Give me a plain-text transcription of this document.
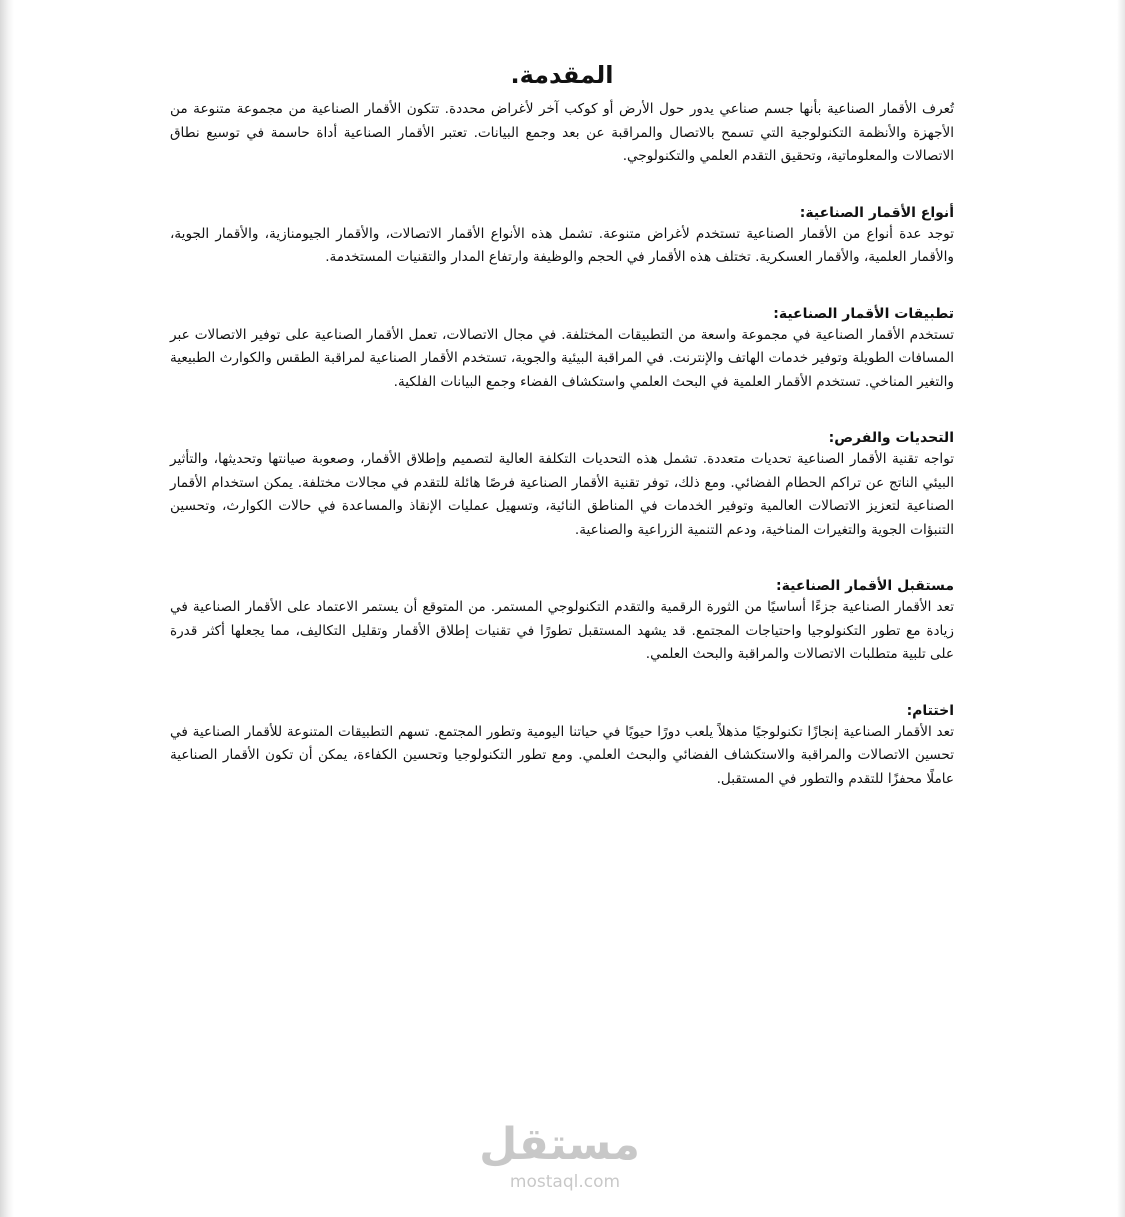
المقدمة.

تُعرف الأقمار الصناعية بأنها جسم صناعي يدور حول الأرض أو كوكب آخر لأغراض محددة. تتكون الأقمار الصناعية من مجموعة متنوعة من الأجهزة والأنظمة التكنولوجية التي تسمح بالاتصال والمراقبة عن بعد وجمع البيانات. تعتبر الأقمار الصناعية أداة حاسمة في توسيع نطاق الاتصالات والمعلوماتية، وتحقيق التقدم العلمي والتكنولوجي.

أنواع الأقمار الصناعية:

توجد عدة أنواع من الأقمار الصناعية تستخدم لأغراض متنوعة. تشمل هذه الأنواع الأقمار الاتصالات، والأقمار الجيومنازية، والأقمار الجوية، والأقمار العلمية، والأقمار العسكرية. تختلف هذه الأقمار في الحجم والوظيفة وارتفاع المدار والتقنيات المستخدمة.

تطبيقات الأقمار الصناعية:

تستخدم الأقمار الصناعية في مجموعة واسعة من التطبيقات المختلفة. في مجال الاتصالات، تعمل الأقمار الصناعية على توفير الاتصالات عبر المسافات الطويلة وتوفير خدمات الهاتف والإنترنت. في المراقبة البيئية والجوية، تستخدم الأقمار الصناعية لمراقبة الطقس والكوارث الطبيعية والتغير المناخي. تستخدم الأقمار العلمية في البحث العلمي واستكشاف الفضاء وجمع البيانات الفلكية.

التحديات والفرص:

تواجه تقنية الأقمار الصناعية تحديات متعددة. تشمل هذه التحديات التكلفة العالية لتصميم وإطلاق الأقمار، وصعوبة صيانتها وتحديثها، والتأثير البيئي الناتج عن تراكم الحطام الفضائي. ومع ذلك، توفر تقنية الأقمار الصناعية فرصًا هائلة للتقدم في مجالات مختلفة. يمكن استخدام الأقمار الصناعية لتعزيز الاتصالات العالمية وتوفير الخدمات في المناطق النائية، وتسهيل عمليات الإنقاذ والمساعدة في حالات الكوارث، وتحسين التنبؤات الجوية والتغيرات المناخية، ودعم التنمية الزراعية والصناعية.

مستقبل الأقمار الصناعية:

تعد الأقمار الصناعية جزءًا أساسيًا من الثورة الرقمية والتقدم التكنولوجي المستمر. من المتوقع أن يستمر الاعتماد على الأقمار الصناعية في زيادة مع تطور التكنولوجيا واحتياجات المجتمع. قد يشهد المستقبل تطورًا في تقنيات إطلاق الأقمار وتقليل التكاليف، مما يجعلها أكثر قدرة على تلبية متطلبات الاتصالات والمراقبة والبحث العلمي.

اختتام:

تعد الأقمار الصناعية إنجازًا تكنولوجيًا مذهلاً يلعب دورًا حيويًا في حياتنا اليومية وتطور المجتمع. تسهم التطبيقات المتنوعة للأقمار الصناعية في تحسين الاتصالات والمراقبة والاستكشاف الفضائي والبحث العلمي. ومع تطور التكنولوجيا وتحسين الكفاءة، يمكن أن تكون الأقمار الصناعية عاملًا محفزًا للتقدم والتطور في المستقبل.

مستقل
mostaql.com
